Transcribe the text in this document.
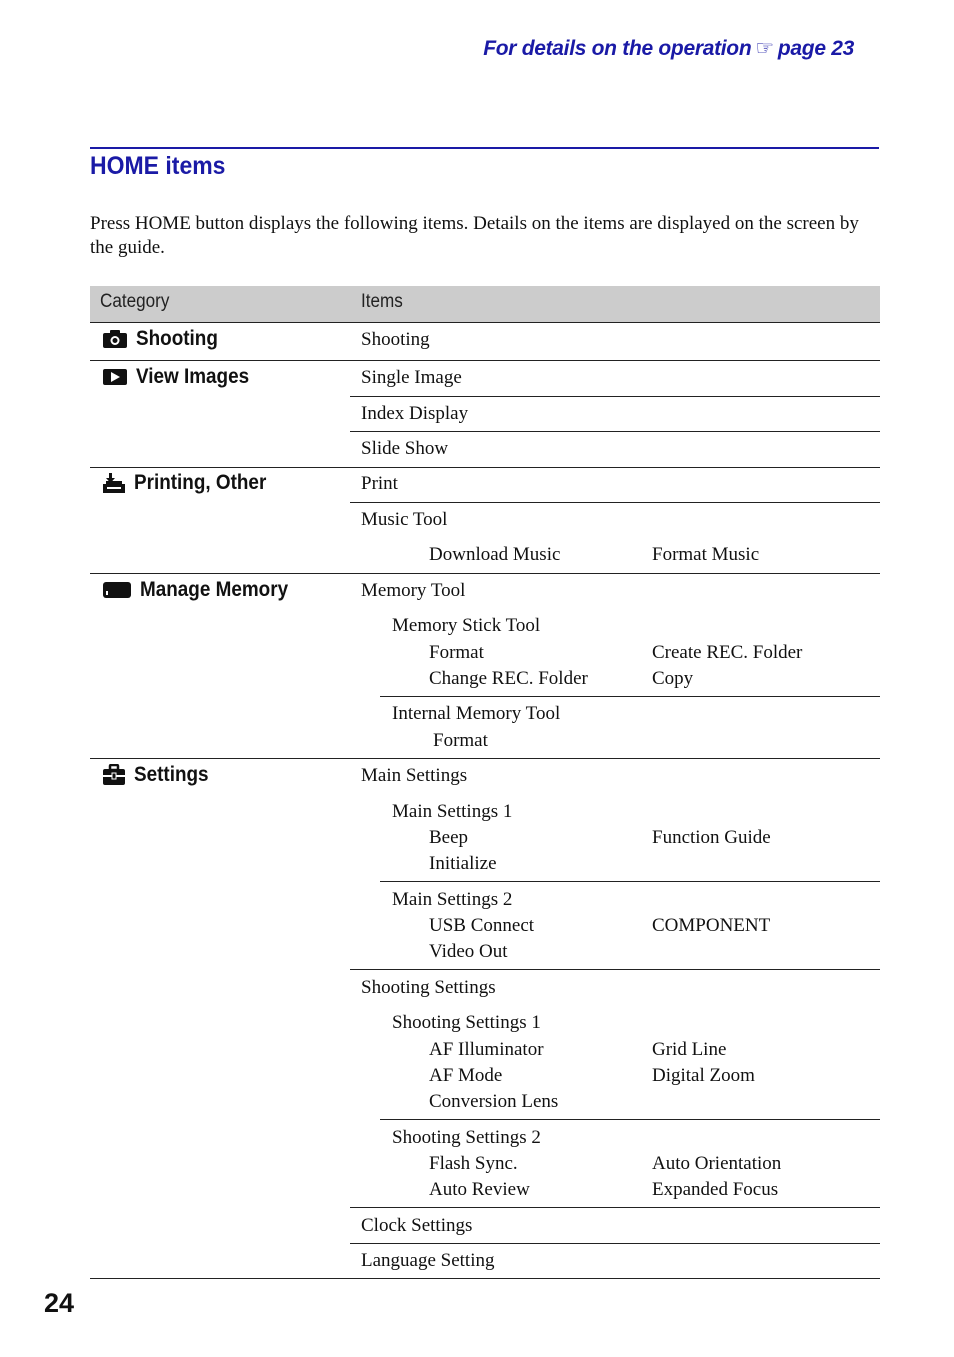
For details on the operation ☞ page 23
HOME items
Press HOME button displays the following items. Details on the items are displayed on the screen by the guide.
Category	Items
Shooting	Shooting
View Images	Single Image
Index Display
Slide Show
Printing, Other	Print
Music Tool
Download Music	Format Music
Manage Memory	Memory Tool
Memory Stick Tool
Format	Create REC. Folder
Change REC. Folder	Copy
Internal Memory Tool
Format
Settings	Main Settings
Main Settings 1
Beep	Function Guide
Initialize
Main Settings 2
USB Connect	COMPONENT
Video Out
Shooting Settings
Shooting Settings 1
AF Illuminator	Grid Line
AF Mode	Digital Zoom
Conversion Lens
Shooting Settings 2
Flash Sync.	Auto Orientation
Auto Review	Expanded Focus
Clock Settings
Language Setting
24
